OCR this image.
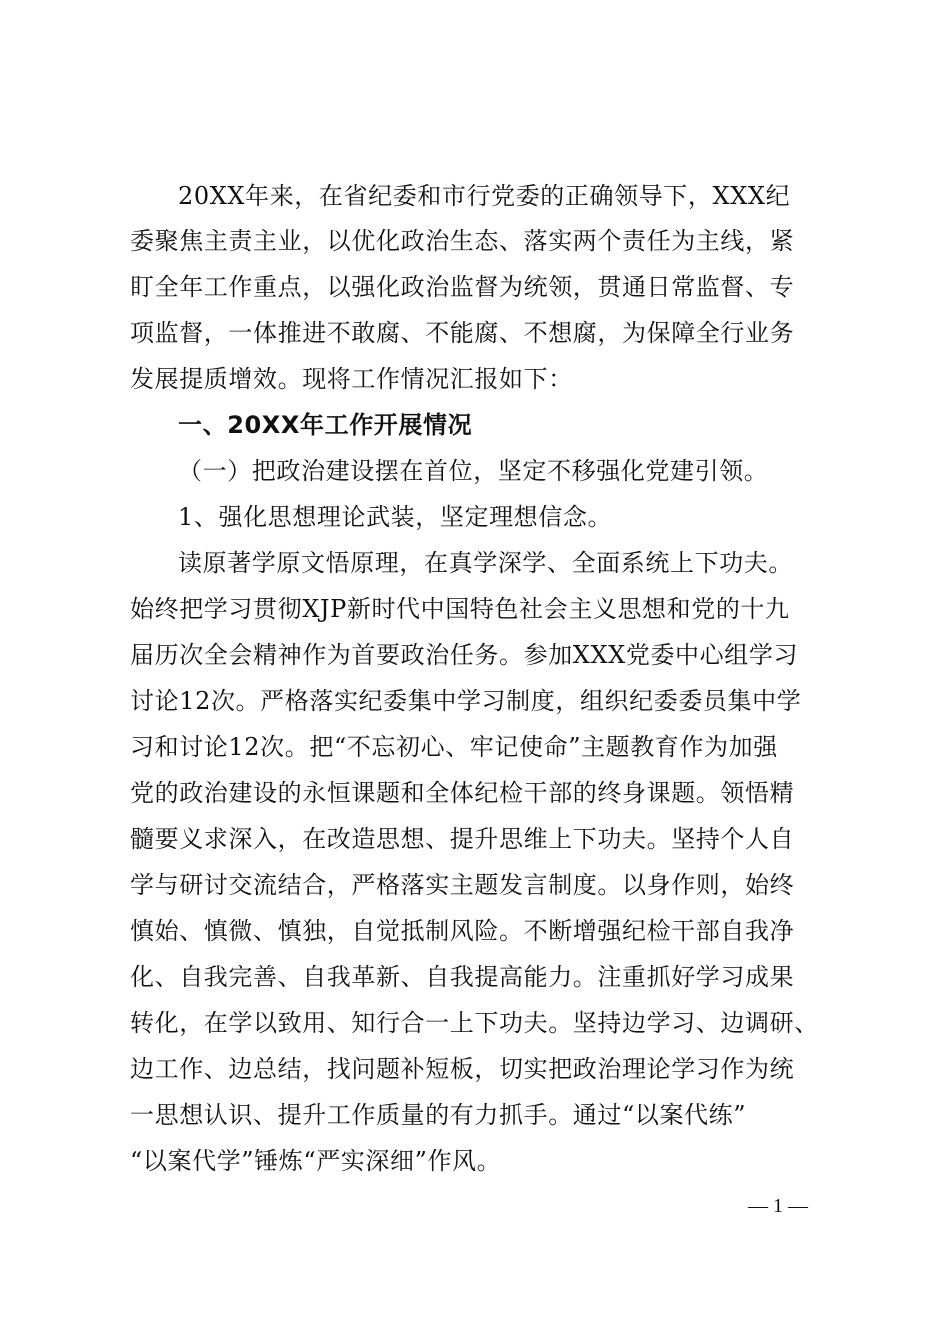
20XX年来，在省纪委和市行党委的正确领导下，XXX纪
委聚焦主责主业，以优化政治生态、落实两个责任为主线，紧
盯全年工作重点，以强化政治监督为统领，贯通日常监督、专
项监督，一体推进不敢腐、不能腐、不想腐，为保障全行业务
发展提质增效。现将工作情况汇报如下：
一、20XX年工作开展情况
（一）把政治建设摆在首位，坚定不移强化党建引领。
1、强化思想理论武装，坚定理想信念。
读原著学原文悟原理，在真学深学、全面系统上下功夫。
始终把学习贯彻XJP新时代中国特色社会主义思想和党的十九
届历次全会精神作为首要政治任务。参加XXX党委中心组学习
讨论12次。严格落实纪委集中学习制度，组织纪委委员集中学
习和讨论12次。把“不忘初心、牢记使命”主题教育作为加强
党的政治建设的永恒课题和全体纪检干部的终身课题。领悟精
髓要义求深入，在改造思想、提升思维上下功夫。坚持个人自
学与研讨交流结合，严格落实主题发言制度。以身作则，始终
慎始、慎微、慎独，自觉抵制风险。不断增强纪检干部自我净
化、自我完善、自我革新、自我提高能力。注重抓好学习成果
转化，在学以致用、知行合一上下功夫。坚持边学习、边调研、
边工作、边总结，找问题补短板，切实把政治理论学习作为统
一思想认识、提升工作质量的有力抓手。通过“以案代练”
“以案代学”锤炼“严实深细”作风。
— 1 —
